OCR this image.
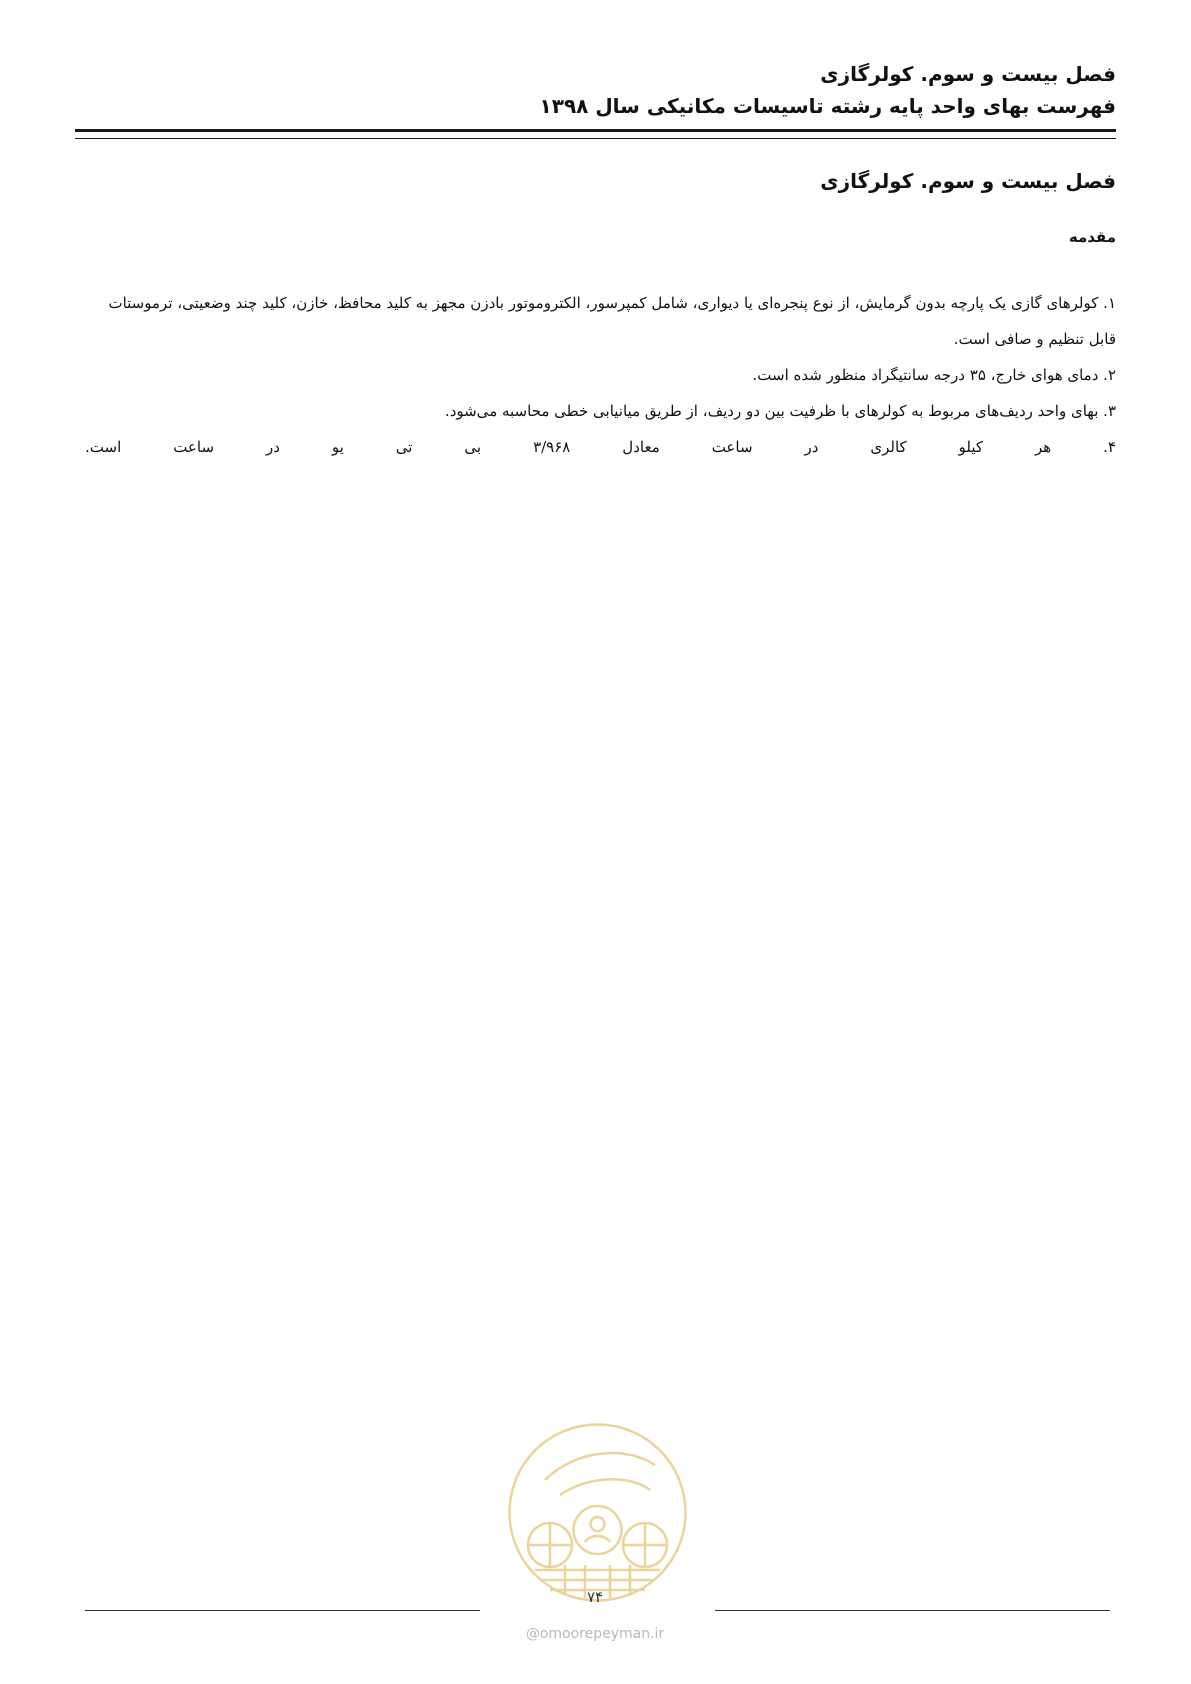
فصل بیست و سوم. کولرگازی
فهرست بهای واحد پایه رشته تاسیسات مکانیکی سال ۱۳۹۸
فصل بیست و سوم. کولرگازی
مقدمه
۱. کولرهای گازی یک پارچه بدون گرمایش، از نوع پنجره‌ای یا دیواری، شامل کمپرسور، الکتروموتور بادزن مجهز به کلید محافظ، خازن، کلید چند وضعیتی، ترموستات قابل تنظیم و صافی است.
۲. دمای هوای خارج، ۳۵ درجه سانتیگراد منظور شده است.
۳. بهای واحد ردیف‌های مربوط به کولرهای با ظرفیت بین دو ردیف، از طریق میانیابی خطی محاسبه می‌شود.
۴. هر کیلو کالری در ساعت معادل ۳/۹۶۸ بی تی یو در ساعت است.
۷۴
@omoorepeyman.ir
